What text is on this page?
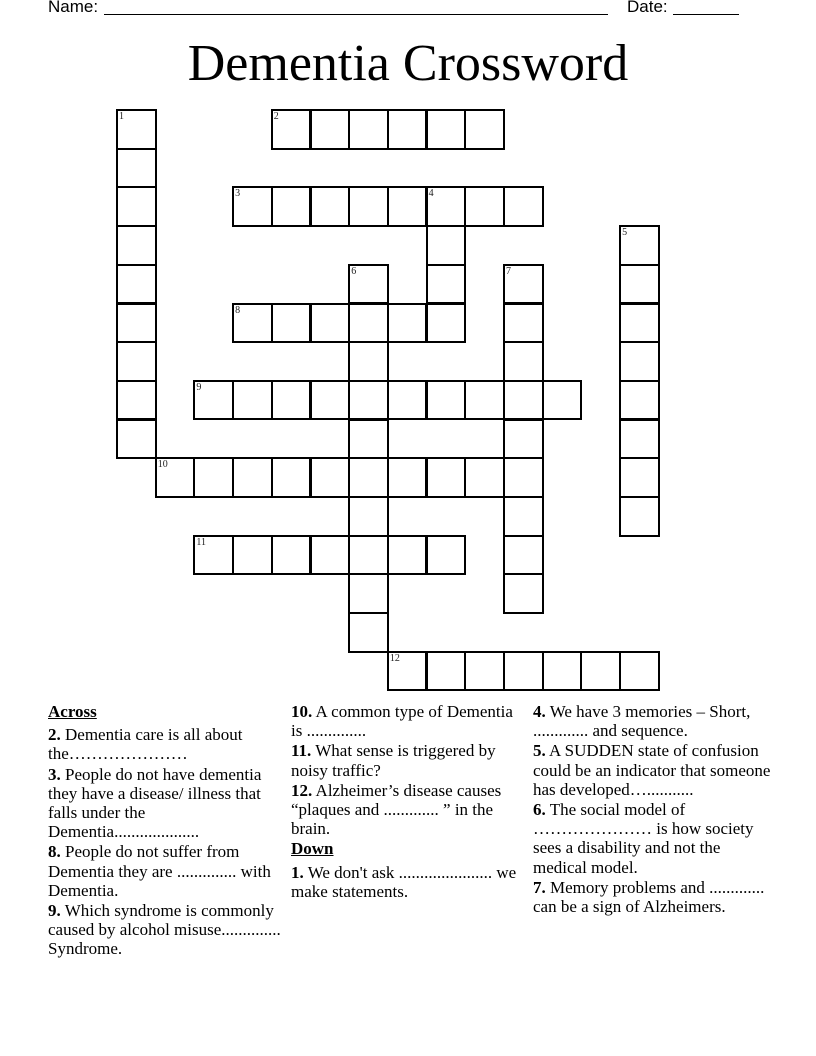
Name:	Date:
Dementia Crossword
1	2
3	4
5
6	7
8
9
10
11
12
Across
2. Dementia care is all about the…………………
3. People do not have dementia they have a disease/ illness that falls under the Dementia....................
8. People do not suffer from Dementia they are .............. with Dementia.
9. Which syndrome is commonly caused by alcohol misuse.............. Syndrome.
10. A common type of Dementia is ..............
11. What sense is triggered by noisy traffic?
12. Alzheimer’s disease causes “plaques and ............. ” in the brain.
Down
1. We don't ask ...................... we make statements.
4. We have 3 memories – Short, ............. and sequence.
5. A SUDDEN state of confusion could be an indicator that someone has developed…...........
6. The social model of ………………… is how society sees a disability and not the medical model.
7. Memory problems and ............. can be a sign of Alzheimers.
